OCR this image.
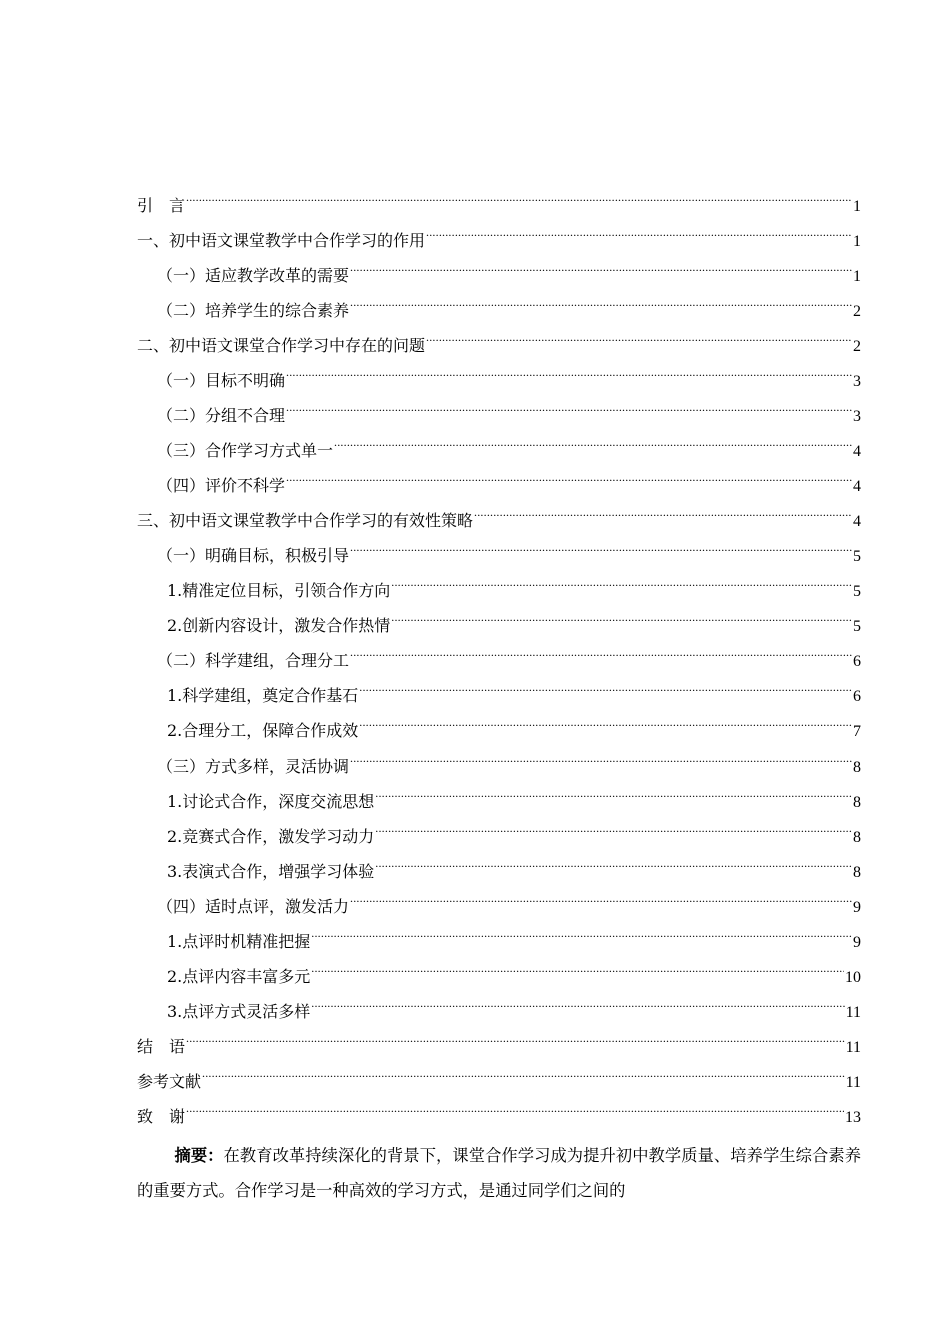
引　言 .....	1
一、初中语文课堂教学中合作学习的作用 .....	1
（一）适应教学改革的需要 .....	1
（二）培养学生的综合素养 .....	2
二、初中语文课堂合作学习中存在的问题 .....	2
（一）目标不明确 .....	3
（二）分组不合理 .....	3
（三）合作学习方式单一 .....	4
（四）评价不科学 .....	4
三、初中语文课堂教学中合作学习的有效性策略 .....	4
（一）明确目标，积极引导 .....	5
1.精准定位目标，引领合作方向 .....	5
2.创新内容设计，激发合作热情 .....	5
（二）科学建组，合理分工 .....	6
1.科学建组，奠定合作基石 .....	6
2.合理分工，保障合作成效 .....	7
（三）方式多样，灵活协调 .....	8
1.讨论式合作，深度交流思想 .....	8
2.竞赛式合作，激发学习动力 .....	8
3.表演式合作，增强学习体验 .....	8
（四）适时点评，激发活力 .....	9
1.点评时机精准把握 .....	9
2.点评内容丰富多元 .....	10
3.点评方式灵活多样 .....	11
结　语 .....	11
参考文献 .....	11
致　谢 .....	13

摘要：在教育改革持续深化的背景下，课堂合作学习成为提升初中教学质量、培养学生综合素养的重要方式。合作学习是一种高效的学习方式，是通过同学们之间的
